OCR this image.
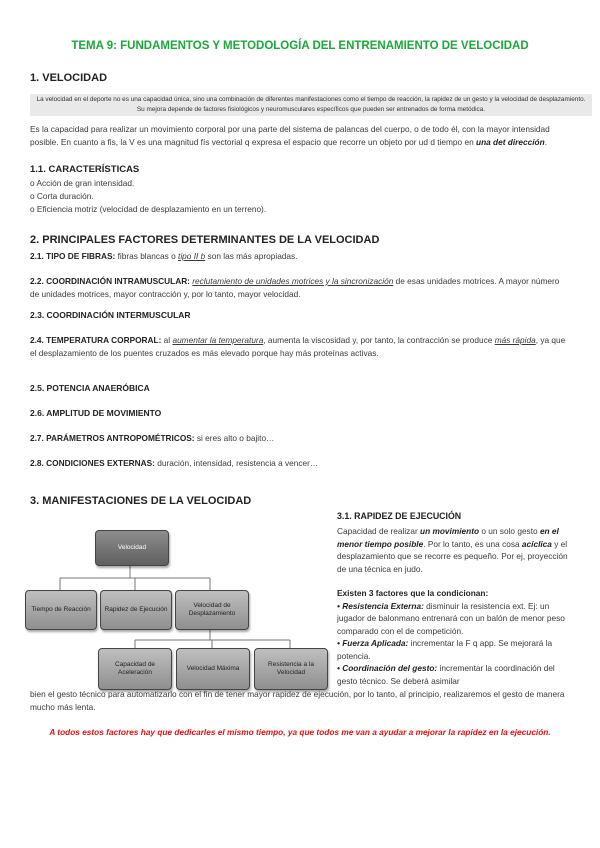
TEMA 9: FUNDAMENTOS Y METODOLOGÍA DEL ENTRENAMIENTO DE VELOCIDAD
1. VELOCIDAD
La velocidad en el deporte no es una capacidad única, sino una combinación de diferentes manifestaciones como el tiempo de reacción, la rapidez de un gesto y la velocidad de desplazamiento. Su mejora depende de factores fisiológicos y neuromusculares específicos que pueden ser entrenados de forma metódica.
Es la capacidad para realizar un movimiento corporal por una parte del sistema de palancas del cuerpo, o de todo él, con la mayor intensidad posible. En cuanto a fis, la V es una magnitud fís vectorial q expresa el espacio que recorre un objeto por ud d tiempo en una det dirección.
1.1. CARACTERÍSTICAS
o Acción de gran intensidad.
o Corta duración.
o Eficiencia motriz (velocidad de desplazamiento en un terreno).
2. PRINCIPALES FACTORES DETERMINANTES DE LA VELOCIDAD
2.1. TIPO DE FIBRAS: fibras blancas o tipo II b son las más apropiadas.
2.2. COORDINACIÓN INTRAMUSCULAR: reclutamiento de unidades motrices y la sincronización de esas unidades motrices. A mayor número de unidades motrices, mayor contracción y, por lo tanto, mayor velocidad.
2.3. COORDINACIÓN INTERMUSCULAR
2.4. TEMPERATURA CORPORAL: al aumentar la temperatura, aumenta la viscosidad y, por tanto, la contracción se produce más rápida, ya que el desplazamiento de los puentes cruzados es más elevado porque hay más proteínas activas.
2.5. POTENCIA ANAERÓBICA
2.6. AMPLITUD DE MOVIMIENTO
2.7. PARÁMETROS ANTROPOMÉTRICOS: si eres alto o bajito…
2.8. CONDICIONES EXTERNAS: duración, intensidad, resistencia a vencer…
3. MANIFESTACIONES DE LA VELOCIDAD
Velocidad
Tiempo de Reacción	Rapidez de Ejecución
Velocidad de Desplazamiento
Capacidad de Aceleración
Velocidad Máxima
Resistencia a la Velocidad
3.1. RAPIDEZ DE EJECUCIÓN
Capacidad de realizar un movimiento o un solo gesto en el menor tiempo posible. Por lo tanto, es una cosa acíclica y el desplazamiento que se recorre es pequeño. Por ej, proyección de una técnica en judo.
Existen 3 factores que la condicionan:
• Resistencia Externa: disminuir la resistencia ext. Ej: un jugador de balonmano entrenará con un balón de menor peso comparado con el de competición.
• Fuerza Aplicada: incrementar la F q app. Se mejorará la potencia.
• Coordinación del gesto: incrementar la coordinación del gesto técnico. Se deberá asimilar
bien el gesto técnico para automatizarlo con el fin de tener mayor rapidez de ejecución, por lo tanto, al principio, realizaremos el gesto de manera mucho más lenta.
A todos estos factores hay que dedicarles el mismo tiempo, ya que todos me van a ayudar a mejorar la rapidez en la ejecución.
